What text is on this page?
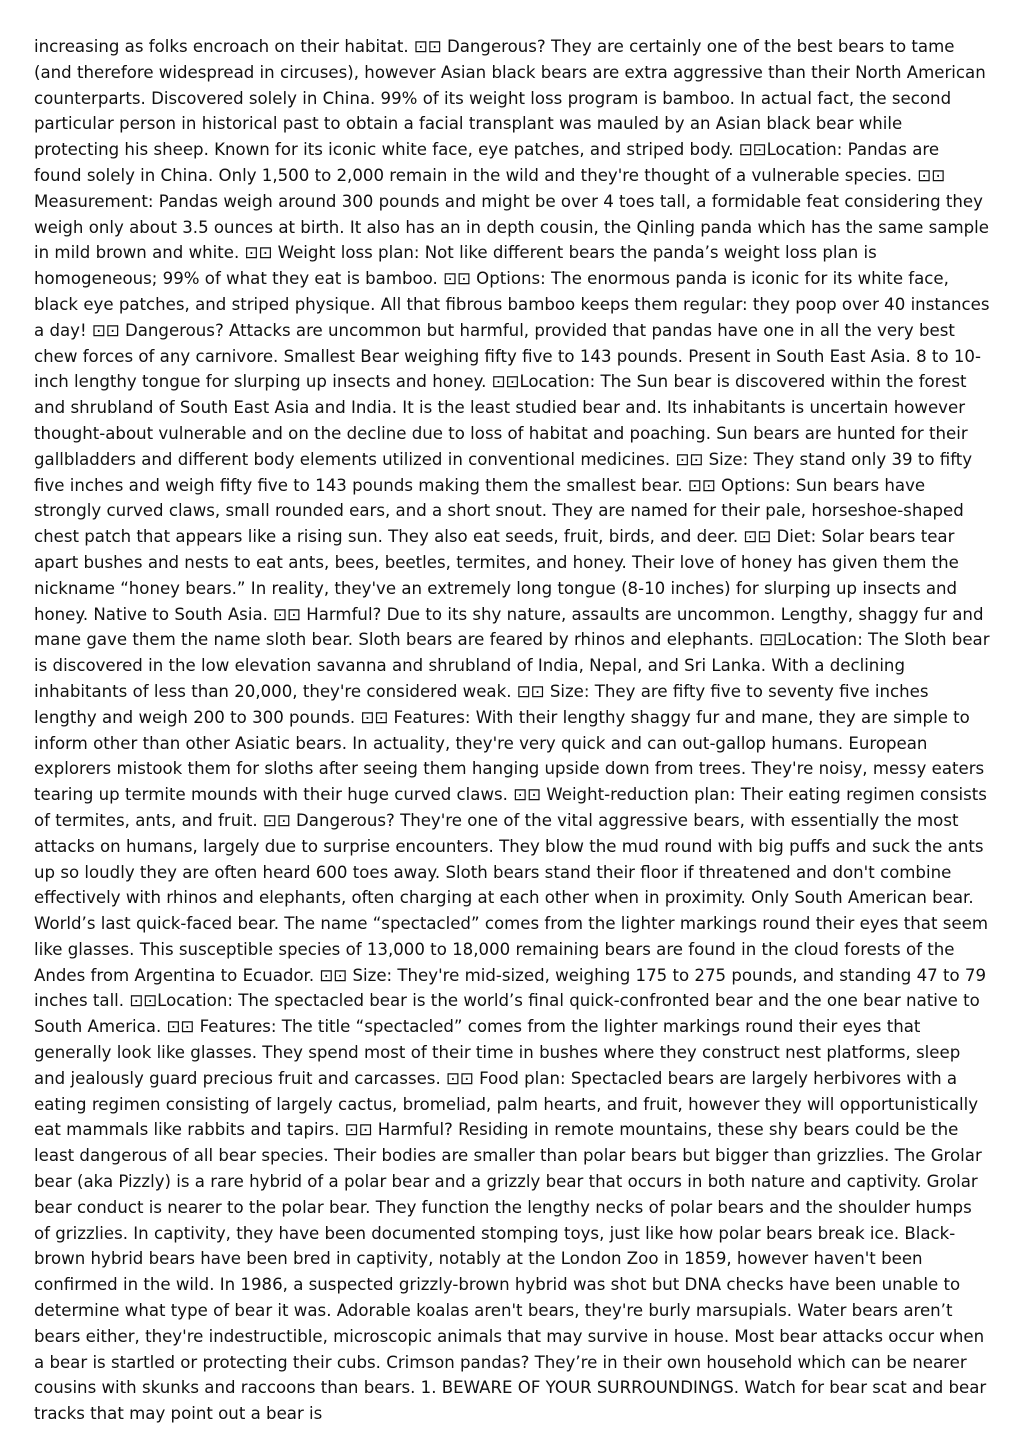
increasing as folks encroach on their habitat. ⊡⊡ Dangerous? They are certainly one of the best bears to tame (and therefore widespread in circuses), however Asian black bears are extra aggressive than their North American counterparts. Discovered solely in China. 99% of its weight loss program is bamboo. In actual fact, the second particular person in historical past to obtain a facial transplant was mauled by an Asian black bear while protecting his sheep. Known for its iconic white face, eye patches, and striped body. ⊡⊡Location: Pandas are found solely in China. Only 1,500 to 2,000 remain in the wild and they're thought of a vulnerable species. ⊡⊡ Measurement: Pandas weigh around 300 pounds and might be over 4 toes tall, a formidable feat considering they weigh only about 3.5 ounces at birth. It also has an in depth cousin, the Qinling panda which has the same sample in mild brown and white. ⊡⊡ Weight loss plan: Not like different bears the panda’s weight loss plan is homogeneous; 99% of what they eat is bamboo. ⊡⊡ Options: The enormous panda is iconic for its white face, black eye patches, and striped physique. All that fibrous bamboo keeps them regular: they poop over 40 instances a day! ⊡⊡ Dangerous? Attacks are uncommon but harmful, provided that pandas have one in all the very best chew forces of any carnivore. Smallest Bear weighing fifty five to 143 pounds. Present in South East Asia. 8 to 10-inch lengthy tongue for slurping up insects and honey. ⊡⊡Location: The Sun bear is discovered within the forest and shrubland of South East Asia and India. It is the least studied bear and. Its inhabitants is uncertain however thought-about vulnerable and on the decline due to loss of habitat and poaching. Sun bears are hunted for their gallbladders and different body elements utilized in conventional medicines. ⊡⊡ Size: They stand only 39 to fifty five inches and weigh fifty five to 143 pounds making them the smallest bear. ⊡⊡ Options: Sun bears have strongly curved claws, small rounded ears, and a short snout. They are named for their pale, horseshoe-shaped chest patch that appears like a rising sun. They also eat seeds, fruit, birds, and deer. ⊡⊡ Diet: Solar bears tear apart bushes and nests to eat ants, bees, beetles, termites, and honey. Their love of honey has given them the nickname “honey bears.” In reality, they've an extremely long tongue (8-10 inches) for slurping up insects and honey. Native to South Asia. ⊡⊡ Harmful? Due to its shy nature, assaults are uncommon. Lengthy, shaggy fur and mane gave them the name sloth bear. Sloth bears are feared by rhinos and elephants. ⊡⊡Location: The Sloth bear is discovered in the low elevation savanna and shrubland of India, Nepal, and Sri Lanka. With a declining inhabitants of less than 20,000, they're considered weak. ⊡⊡ Size: They are fifty five to seventy five inches lengthy and weigh 200 to 300 pounds. ⊡⊡ Features: With their lengthy shaggy fur and mane, they are simple to inform other than other Asiatic bears. In actuality, they're very quick and can out-gallop humans. European explorers mistook them for sloths after seeing them hanging upside down from trees. They're noisy, messy eaters tearing up termite mounds with their huge curved claws. ⊡⊡ Weight-reduction plan: Their eating regimen consists of termites, ants, and fruit. ⊡⊡ Dangerous? They're one of the vital aggressive bears, with essentially the most attacks on humans, largely due to surprise encounters. They blow the mud round with big puffs and suck the ants up so loudly they are often heard 600 toes away. Sloth bears stand their floor if threatened and don't combine effectively with rhinos and elephants, often charging at each other when in proximity. Only South American bear. World’s last quick-faced bear. The name “spectacled” comes from the lighter markings round their eyes that seem like glasses. This susceptible species of 13,000 to 18,000 remaining bears are found in the cloud forests of the Andes from Argentina to Ecuador. ⊡⊡ Size: They're mid-sized, weighing 175 to 275 pounds, and standing 47 to 79 inches tall. ⊡⊡Location: The spectacled bear is the world’s final quick-confronted bear and the one bear native to South America. ⊡⊡ Features: The title “spectacled” comes from the lighter markings round their eyes that generally look like glasses. They spend most of their time in bushes where they construct nest platforms, sleep and jealously guard precious fruit and carcasses. ⊡⊡ Food plan: Spectacled bears are largely herbivores with a eating regimen consisting of largely cactus, bromeliad, palm hearts, and fruit, however they will opportunistically eat mammals like rabbits and tapirs. ⊡⊡ Harmful? Residing in remote mountains, these shy bears could be the least dangerous of all bear species. Their bodies are smaller than polar bears but bigger than grizzlies. The Grolar bear (aka Pizzly) is a rare hybrid of a polar bear and a grizzly bear that occurs in both nature and captivity. Grolar bear conduct is nearer to the polar bear. They function the lengthy necks of polar bears and the shoulder humps of grizzlies. In captivity, they have been documented stomping toys, just like how polar bears break ice. Black-brown hybrid bears have been bred in captivity, notably at the London Zoo in 1859, however haven't been confirmed in the wild. In 1986, a suspected grizzly-brown hybrid was shot but DNA checks have been unable to determine what type of bear it was. Adorable koalas aren't bears, they're burly marsupials. Water bears aren’t bears either, they're indestructible, microscopic animals that may survive in house. Most bear attacks occur when a bear is startled or protecting their cubs. Crimson pandas? They’re in their own household which can be nearer cousins with skunks and raccoons than bears. 1. BEWARE OF YOUR SURROUNDINGS. Watch for bear scat and bear tracks that may point out a bear is
